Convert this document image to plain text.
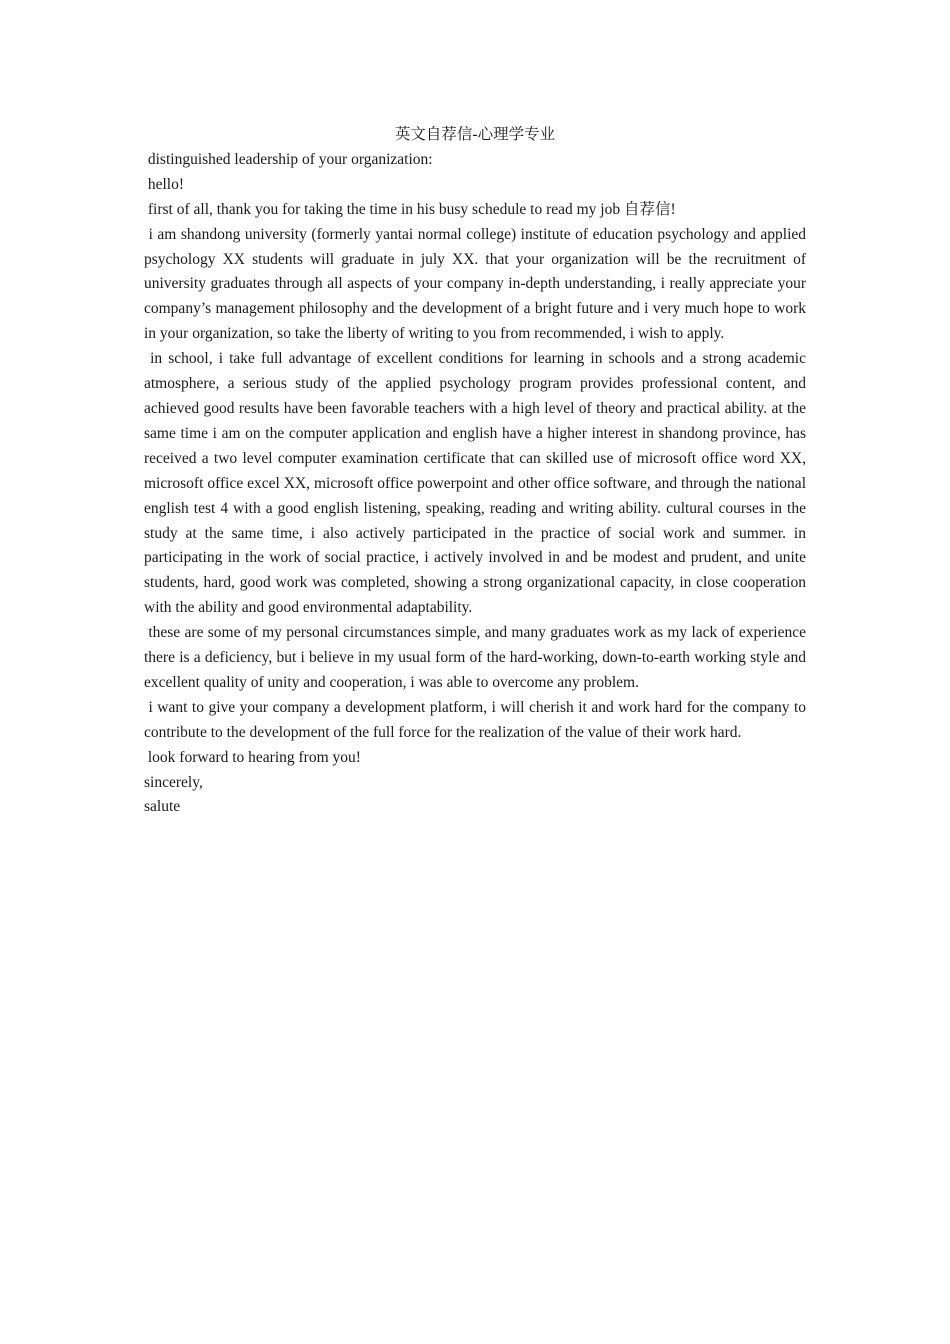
英文自荐信-心理学专业

distinguished leadership of your organization:

hello!

first of all, thank you for taking the time in his busy schedule to read my job 自荐信!

i am shandong university (formerly yantai normal college) institute of education psychology and applied psychology XX students will graduate in july XX. that your organization will be the recruitment of university graduates through all aspects of your company in-depth understanding, i really appreciate your company’s management philosophy and the development of a bright future and i very much hope to work in your organization, so take the liberty of writing to you from recommended, i wish to apply.

in school, i take full advantage of excellent conditions for learning in schools and a strong academic atmosphere, a serious study of the applied psychology program provides professional content, and achieved good results have been favorable teachers with a high level of theory and practical ability. at the same time i am on the computer application and english have a higher interest in shandong province, has received a two level computer examination certificate that can skilled use of microsoft office word XX, microsoft office excel XX, microsoft office powerpoint and other office software, and through the national english test 4 with a good english listening, speaking, reading and writing ability. cultural courses in the study at the same time, i also actively participated in the practice of social work and summer. in participating in the work of social practice, i actively involved in and be modest and prudent, and unite students, hard, good work was completed, showing a strong organizational capacity, in close cooperation with the ability and good environmental adaptability.

these are some of my personal circumstances simple, and many graduates work as my lack of experience there is a deficiency, but i believe in my usual form of the hard-working, down-to-earth working style and excellent quality of unity and cooperation, i was able to overcome any problem.

i want to give your company a development platform, i will cherish it and work hard for the company to contribute to the development of the full force for the realization of the value of their work hard.

look forward to hearing from you!

sincerely,

salute
